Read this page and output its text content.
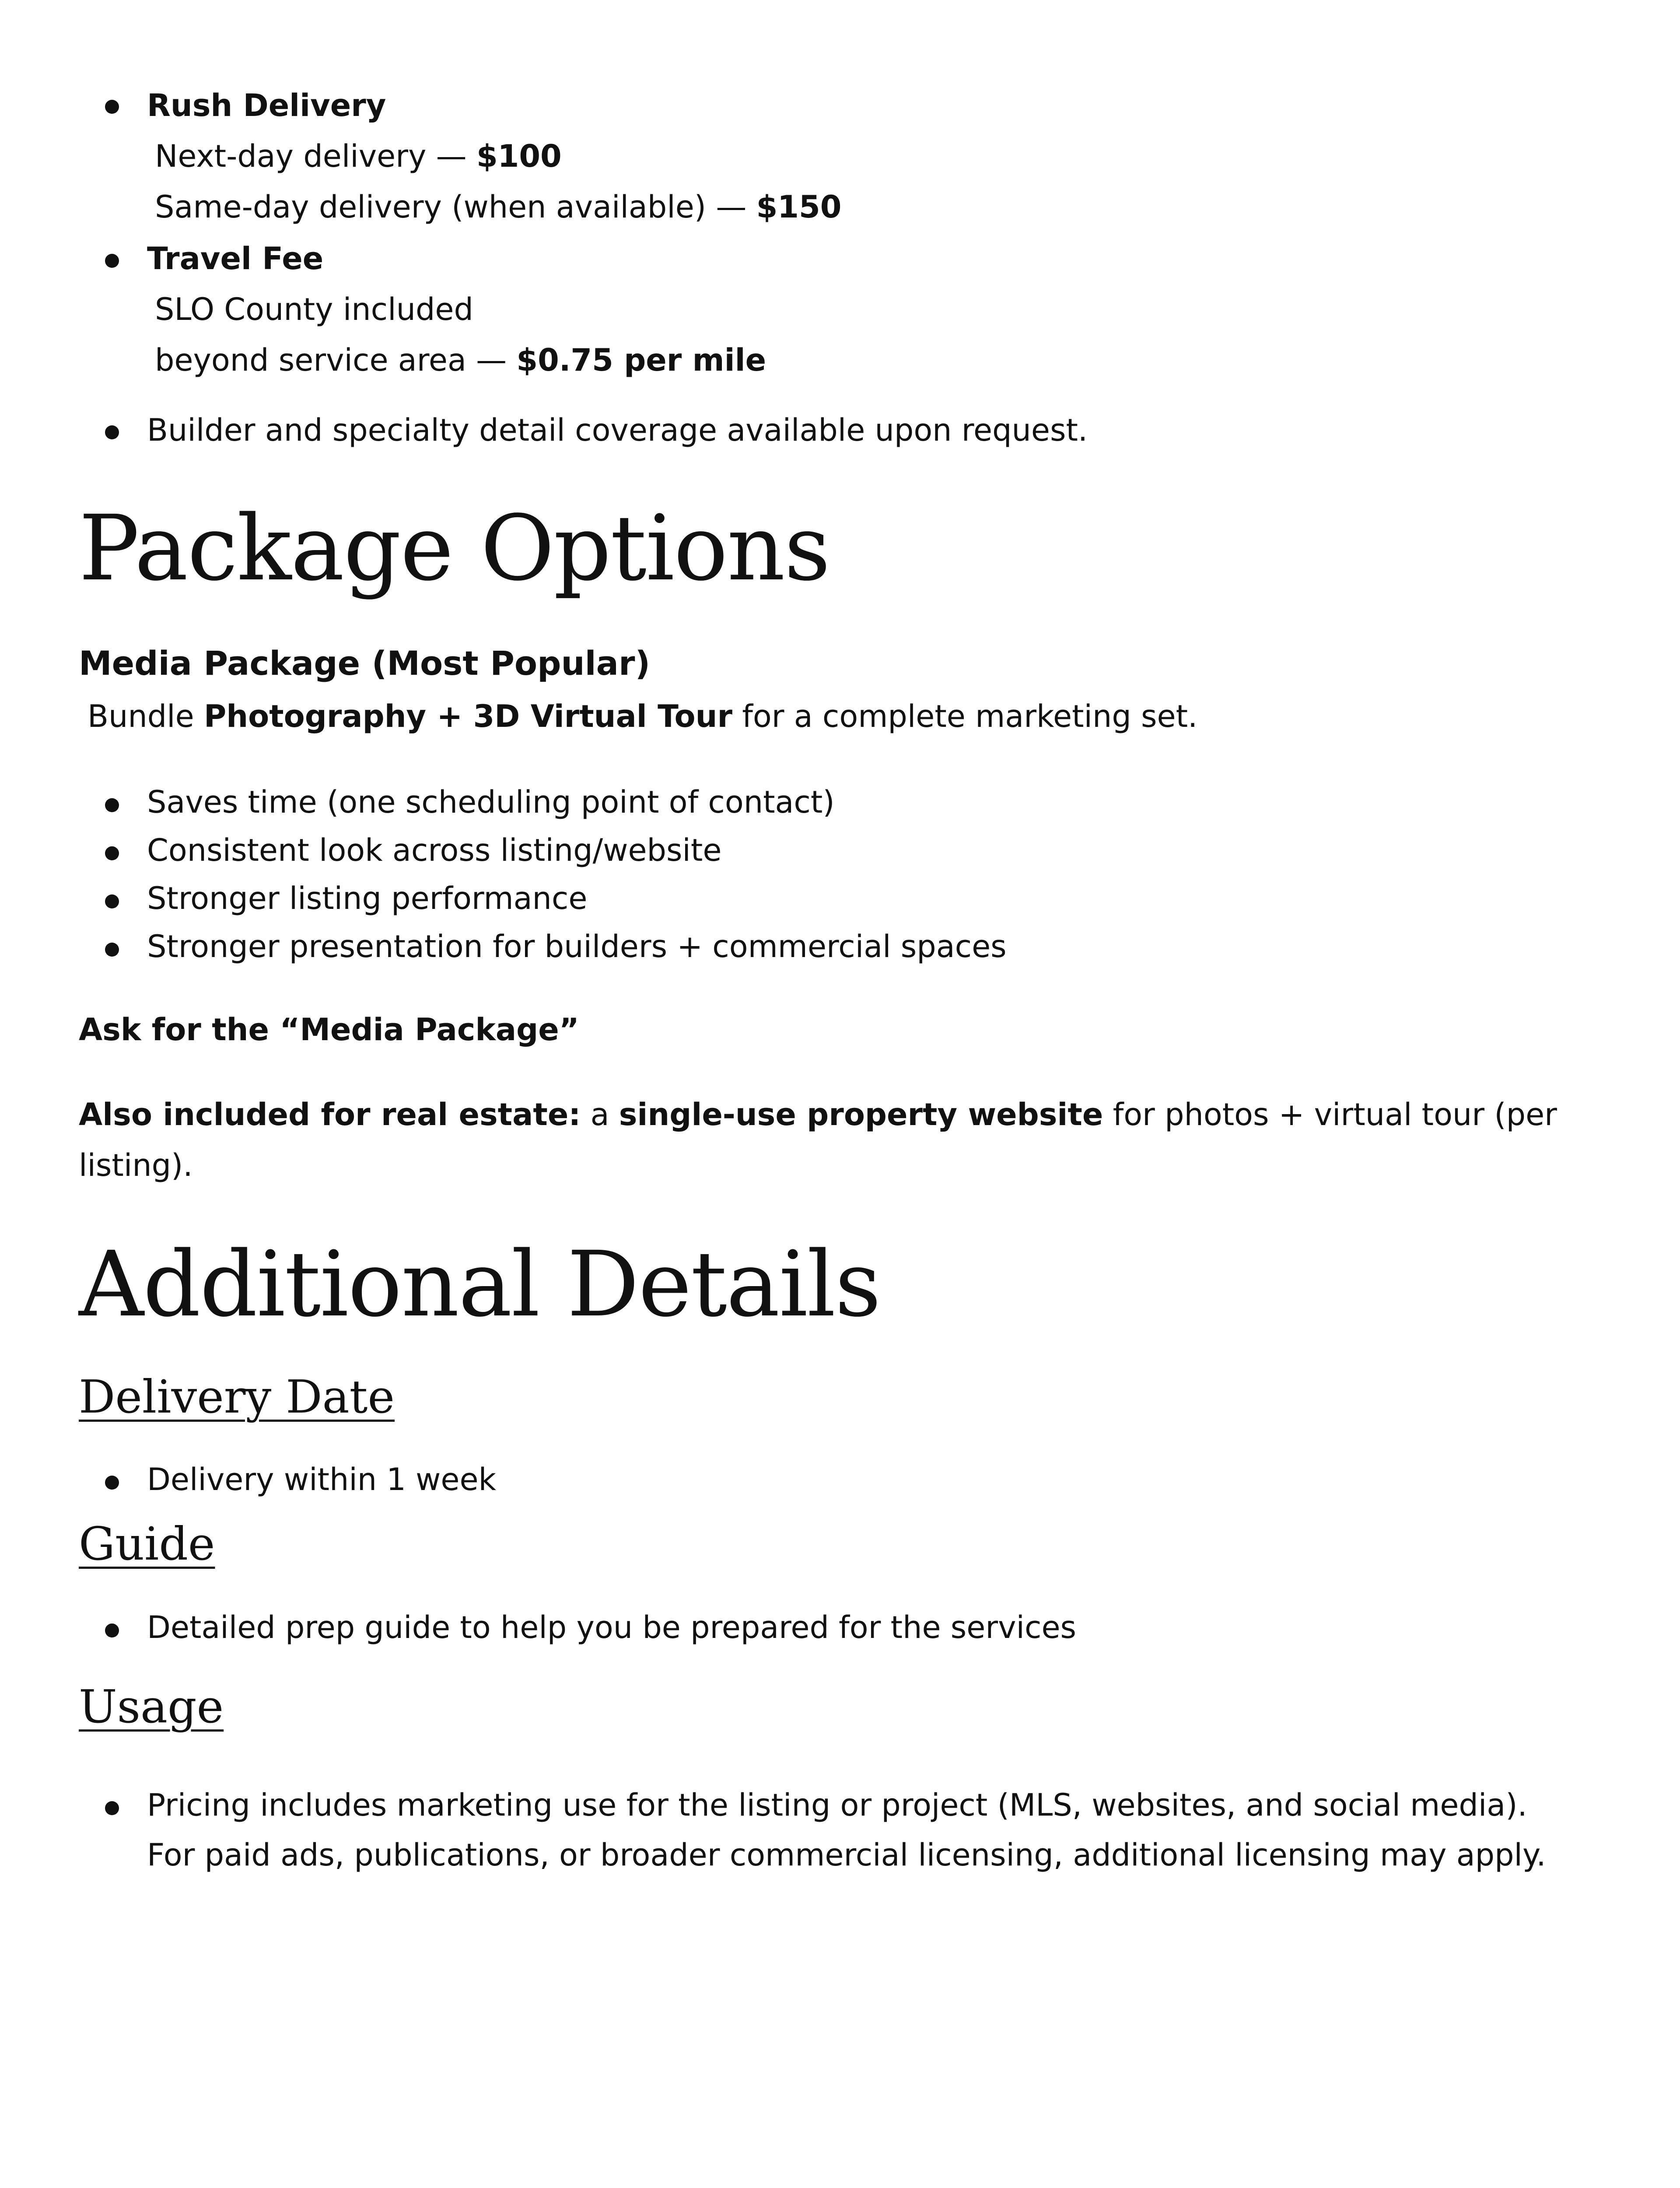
Rush Delivery
Next-day delivery — $100
Same-day delivery (when available) — $150
Travel Fee
SLO County included
beyond service area — $0.75 per mile
Builder and specialty detail coverage available upon request.
Package Options
Media Package (Most Popular)
Bundle Photography + 3D Virtual Tour for a complete marketing set.
Saves time (one scheduling point of contact)
Consistent look across listing/website
Stronger listing performance
Stronger presentation for builders + commercial spaces
Ask for the “Media Package”
Also included for real estate: a single-use property website for photos + virtual tour (per
listing).
Additional Details
Delivery Date
Delivery within 1 week
Guide
Detailed prep guide to help you be prepared for the services
Usage
Pricing includes marketing use for the listing or project (MLS, websites, and social media).
For paid ads, publications, or broader commercial licensing, additional licensing may apply.
